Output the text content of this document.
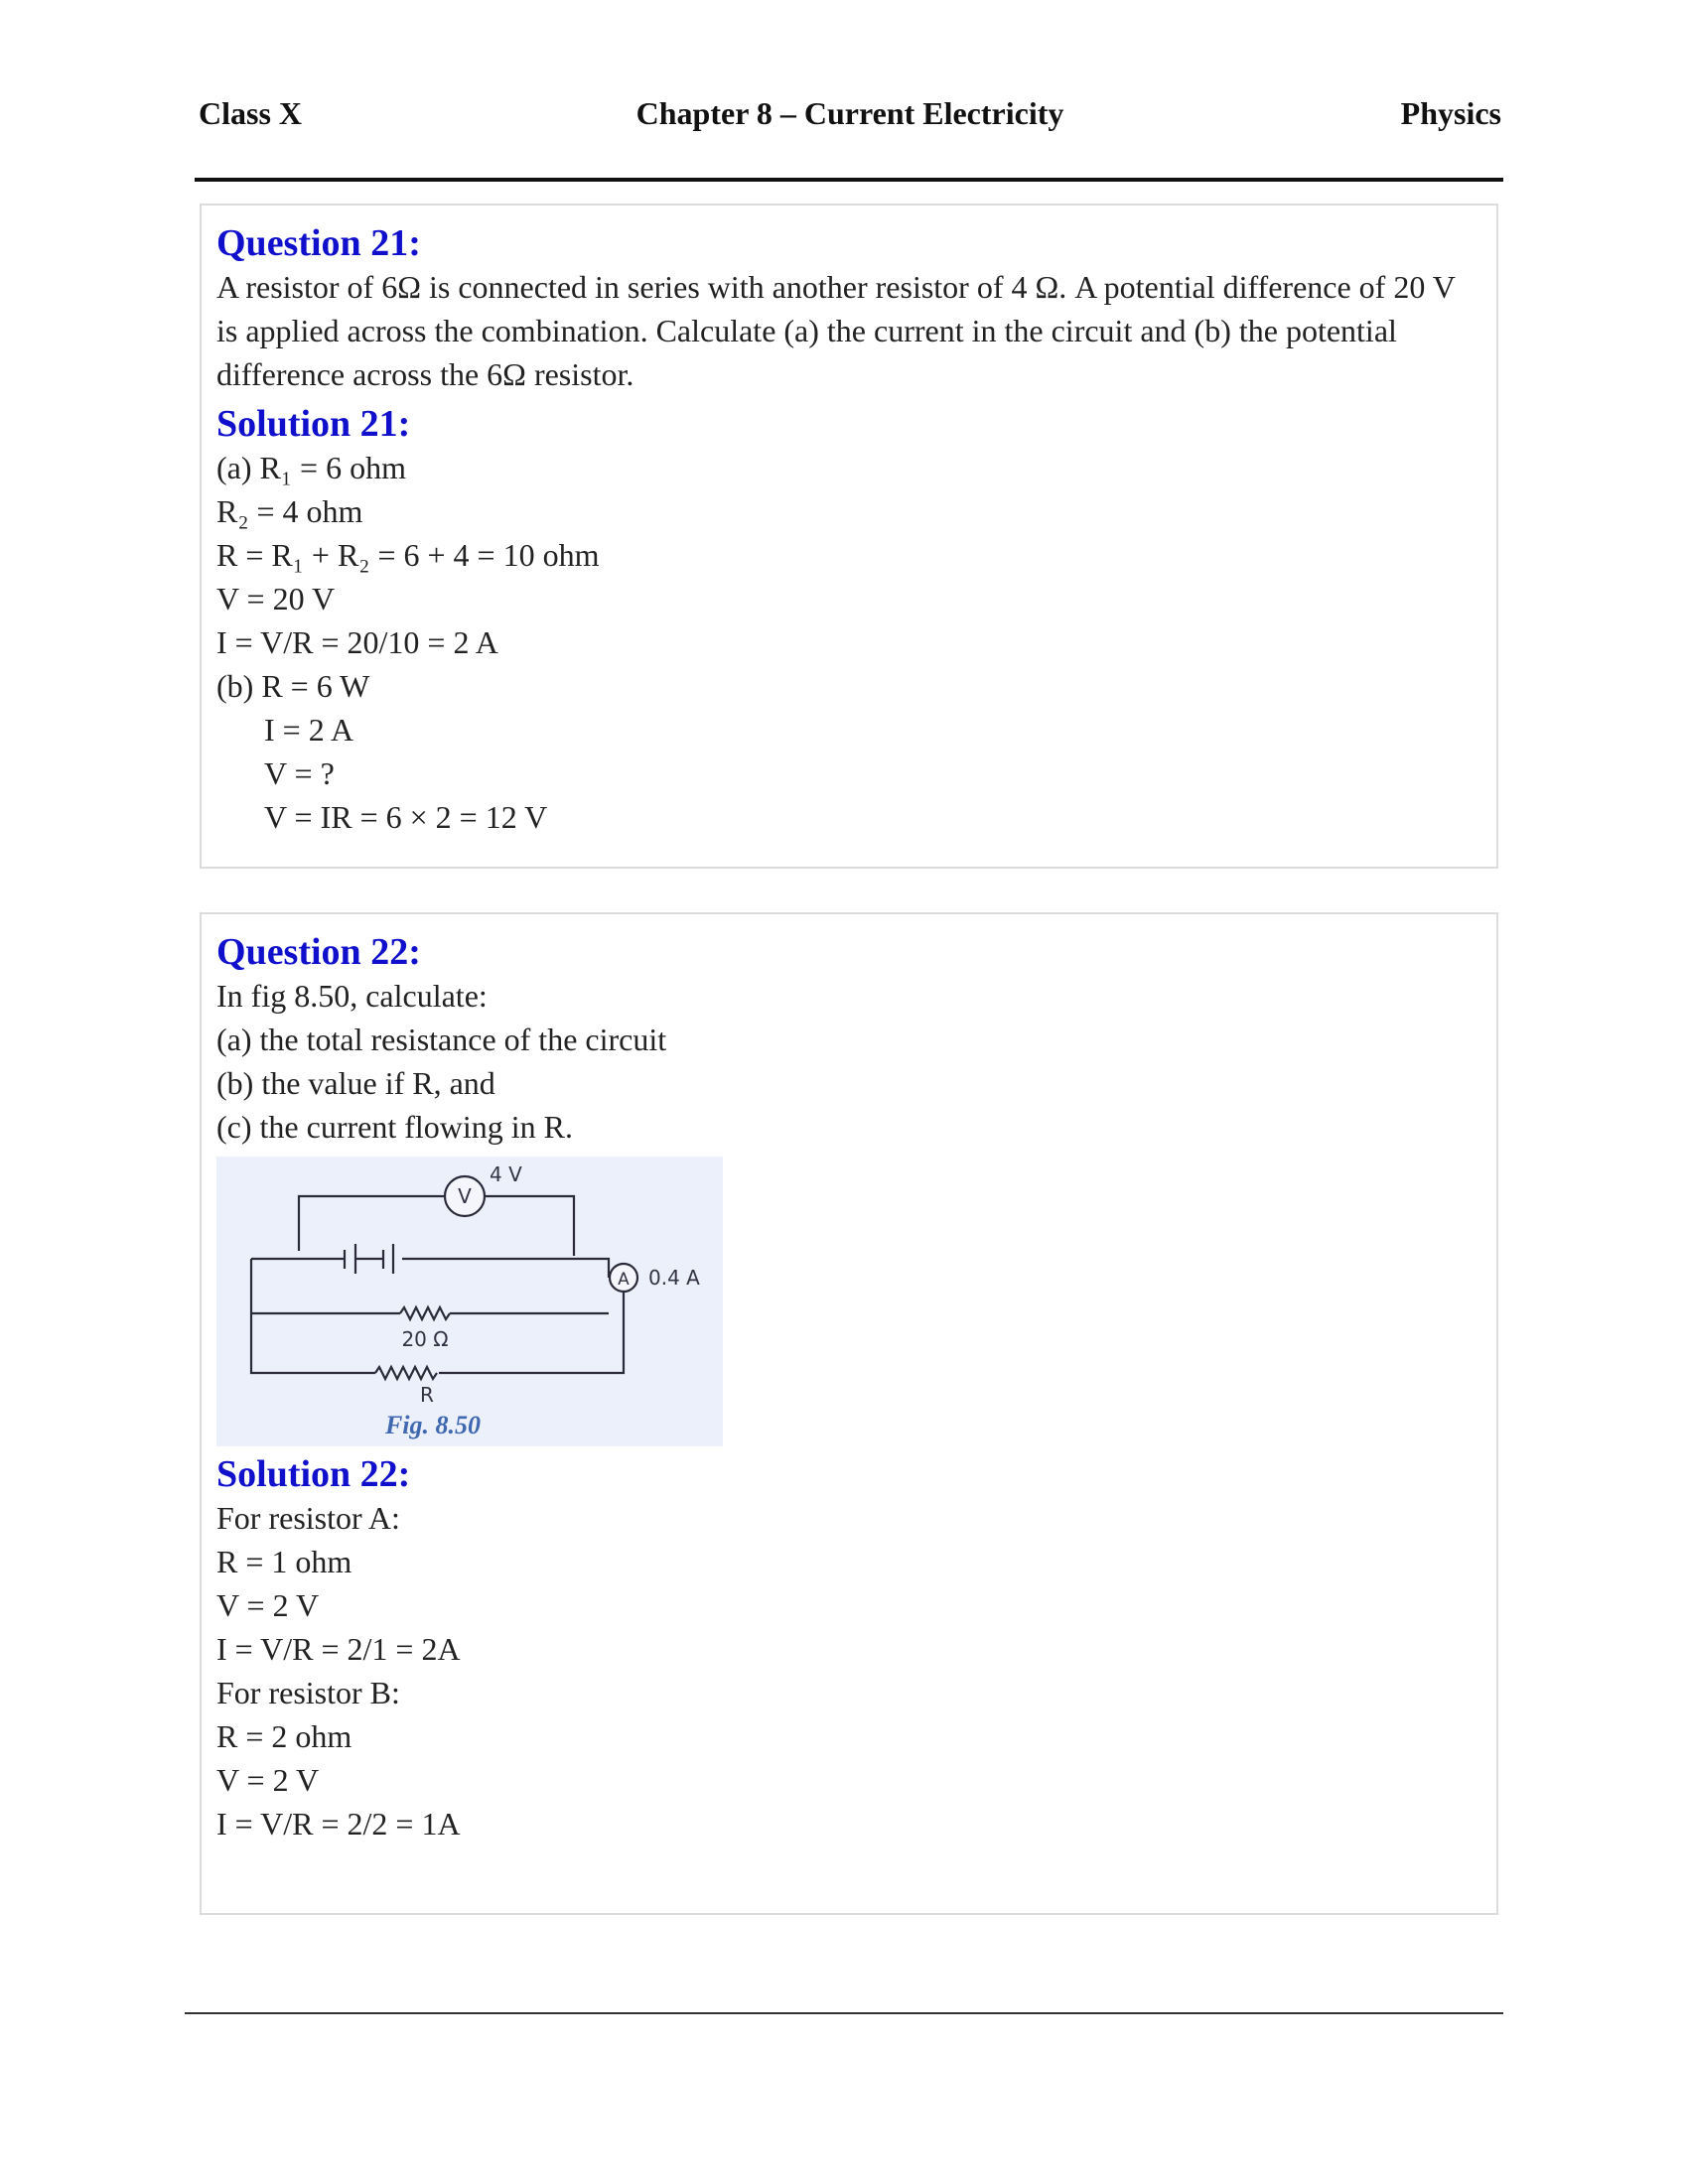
Class X	Chapter 8 – Current Electricity	Physics
Question 21:
A resistor of 6Ω is connected in series with another resistor of 4 Ω. A potential difference of 20 V is applied across the combination. Calculate (a) the current in the circuit and (b) the potential difference across the 6Ω resistor.
Solution 21:
(a) R₁ = 6 ohm
R₂ = 4 ohm
R = R₁ + R₂ = 6 + 4 = 10 ohm
V = 20 V
I = V/R = 20/10 = 2 A
(b) R = 6 W
I = 2 A
V = ?
V = IR = 6 × 2 = 12 V
Question 22:
In fig 8.50, calculate:
(a) the total resistance of the circuit
(b) the value if R, and
(c) the current flowing in R.
V
4 V
A 0.4 A
20 Ω
R
Fig. 8.50
Solution 22:
For resistor A:
R = 1 ohm
V = 2 V
I = V/R = 2/1 = 2A
For resistor B:
R = 2 ohm
V = 2 V
I = V/R = 2/2 = 1A
